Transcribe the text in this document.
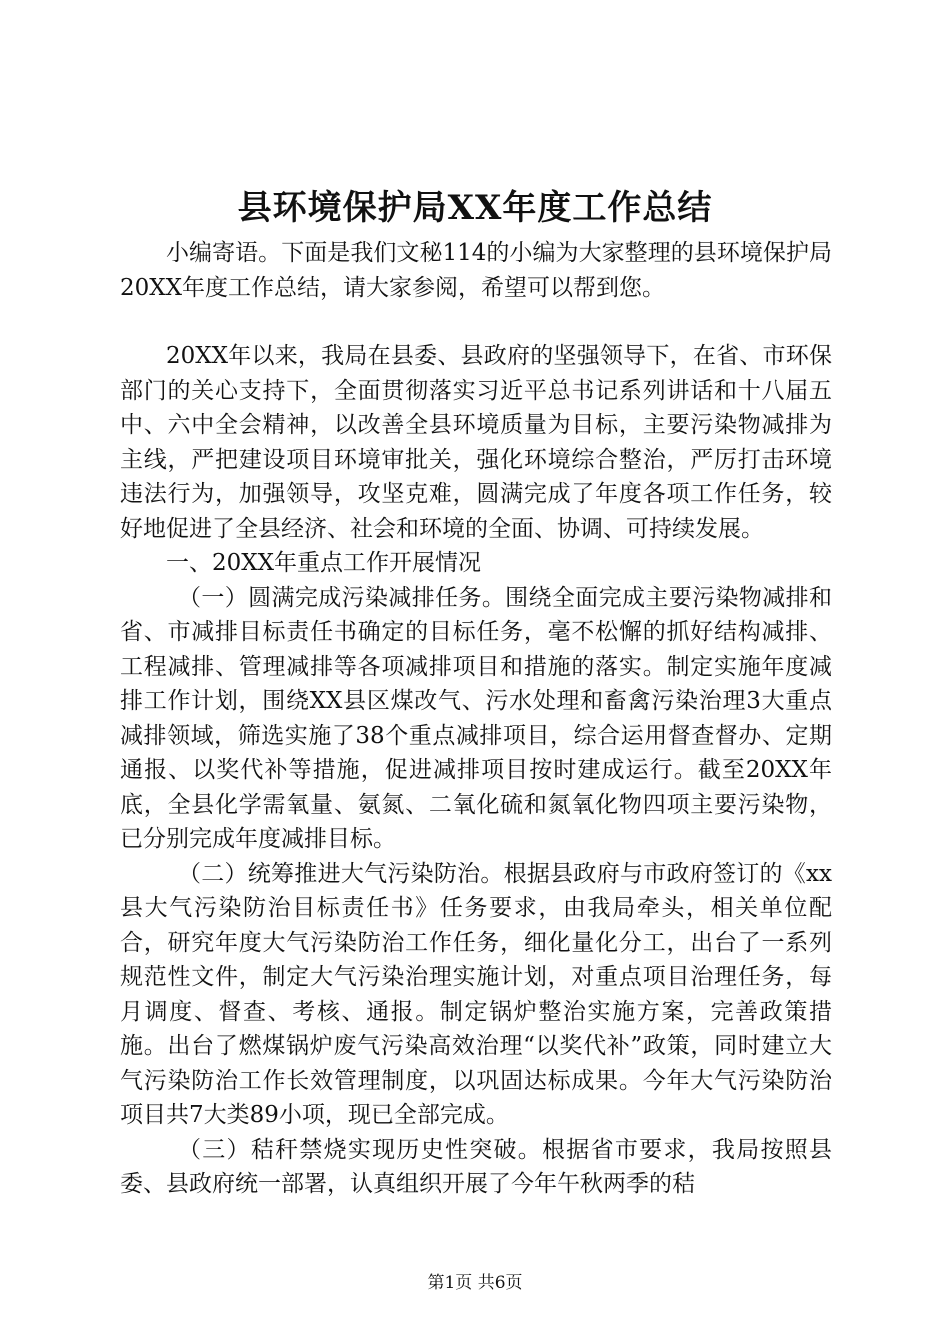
县环境保护局XX年度工作总结

小编寄语。下面是我们文秘114的小编为大家整理的县环境保护局20XX年度工作总结，请大家参阅，希望可以帮到您。

20XX年以来，我局在县委、县政府的坚强领导下，在省、市环保部门的关心支持下，全面贯彻落实习近平总书记系列讲话和十八届五中、六中全会精神，以改善全县环境质量为目标，主要污染物减排为主线，严把建设项目环境审批关，强化环境综合整治，严厉打击环境违法行为，加强领导，攻坚克难，圆满完成了年度各项工作任务，较好地促进了全县经济、社会和环境的全面、协调、可持续发展。

一、20XX年重点工作开展情况

（一）圆满完成污染减排任务。围绕全面完成主要污染物减排和省、市减排目标责任书确定的目标任务，毫不松懈的抓好结构减排、工程减排、管理减排等各项减排项目和措施的落实。制定实施年度减排工作计划，围绕XX县区煤改气、污水处理和畜禽污染治理3大重点减排领域，筛选实施了38个重点减排项目，综合运用督查督办、定期通报、以奖代补等措施，促进减排项目按时建成运行。截至20XX年底，全县化学需氧量、氨氮、二氧化硫和氮氧化物四项主要污染物，已分别完成年度减排目标。

（二）统筹推进大气污染防治。根据县政府与市政府签订的《xx县大气污染防治目标责任书》任务要求，由我局牵头，相关单位配合，研究年度大气污染防治工作任务，细化量化分工，出台了一系列规范性文件，制定大气污染治理实施计划，对重点项目治理任务，每月调度、督查、考核、通报。制定锅炉整治实施方案，完善政策措施。出台了燃煤锅炉废气污染高效治理“以奖代补”政策，同时建立大气污染防治工作长效管理制度，以巩固达标成果。今年大气污染防治项目共7大类89小项，现已全部完成。

（三）秸秆禁烧实现历史性突破。根据省市要求，我局按照县委、县政府统一部署，认真组织开展了今年午秋两季的秸

第1页 共6页
